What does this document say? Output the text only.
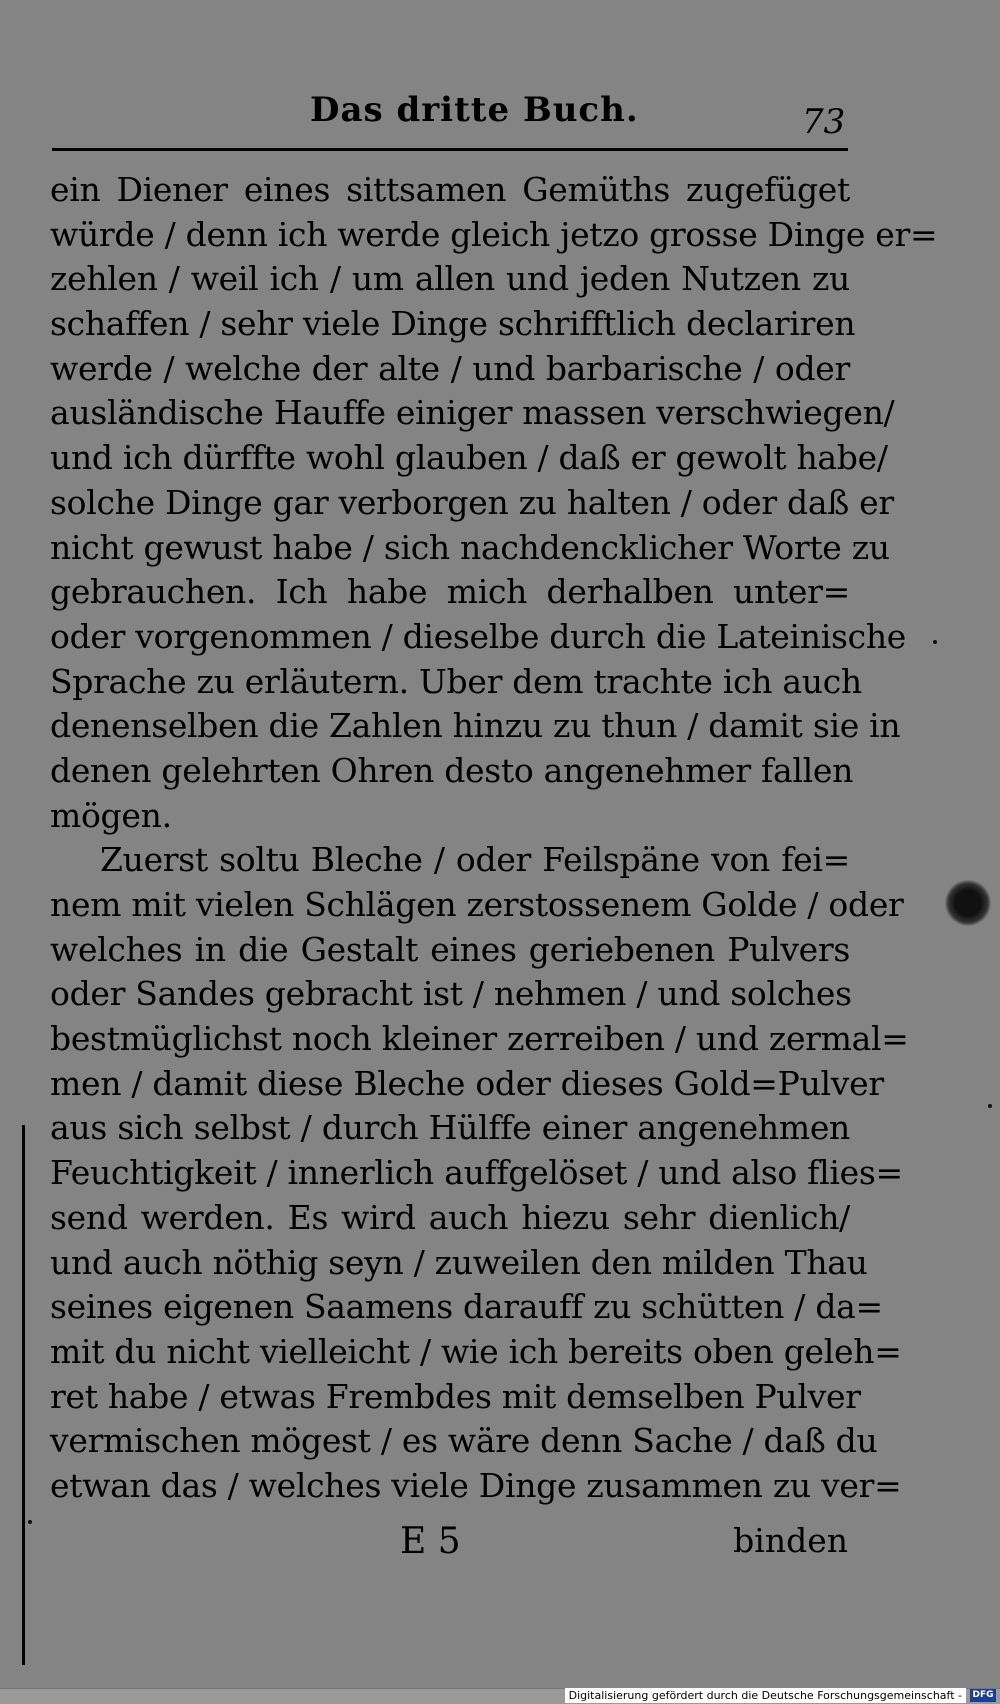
Das dritte Buch.	73
ein Diener eines sittsamen Gemüths zugefüget
würde / denn ich werde gleich jetzo grosse Dinge er=
zehlen / weil ich / um allen und jeden Nutzen zu
schaffen / sehr viele Dinge schrifftlich declariren
werde / welche der alte / und barbarische / oder
ausländische Hauffe einiger massen verschwiegen/
und ich dürffte wohl glauben / daß er gewolt habe/
solche Dinge gar verborgen zu halten / oder daß er
nicht gewust habe / sich nachdencklicher Worte zu
gebrauchen. Ich habe mich derhalben unter=
oder vorgenommen / dieselbe durch die Lateinische
Sprache zu erläutern. Uber dem trachte ich auch
denenselben die Zahlen hinzu zu thun / damit sie in
denen gelehrten Ohren desto angenehmer fallen
mögen.
Zuerst soltu Bleche / oder Feilspäne von fei=
nem mit vielen Schlägen zerstossenem Golde / oder
welches in die Gestalt eines geriebenen Pulvers
oder Sandes gebracht ist / nehmen / und solches
bestmüglichst noch kleiner zerreiben / und zermal=
men / damit diese Bleche oder dieses Gold=Pulver
aus sich selbst / durch Hülffe einer angenehmen
Feuchtigkeit / innerlich auffgelöset / und also flies=
send werden. Es wird auch hiezu sehr dienlich/
und auch nöthig seyn / zuweilen den milden Thau
seines eigenen Saamens darauff zu schütten / da=
mit du nicht vielleicht / wie ich bereits oben geleh=
ret habe / etwas Frembdes mit demselben Pulver
vermischen mögest / es wäre denn Sache / daß du
etwan das / welches viele Dinge zusammen zu ver=
E 5	binden
Digitalisierung gefördert durch die Deutsche Forschungsgemeinschaft -	DFG
